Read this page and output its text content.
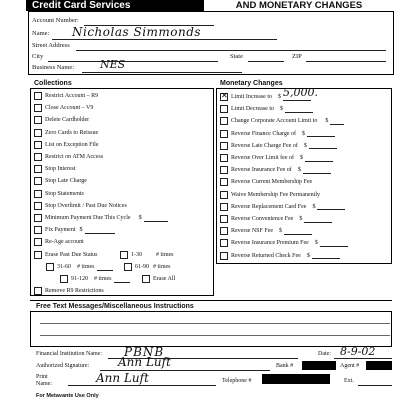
Credit Card Services	AND MONETARY CHANGES
Account Number:
Name: Nicholas Simmonds
Street Address
City	State	ZIP
Business Name: NES
Collections
Restrict Account – R9
Close Account – V9
Delete Cardholder
Zero Cards to Reissue
List on Exception File
Restrict on ATM Access
Stop Interest
Stop Late Charge
Stop Statements
Stop Overlimit / Past Due Notices
Minimum Payment Due This Cycle $
Fix Payment $
Re-Age account
Erase Past Due Status	1-30 # times
31-60 # times	61-90 # times
91-120 # times	Erase All
Remove R9 Restrictions
Monetary Changes
✕
Limit Increase to $ 5,000.
Limit Decrease to $
Change Corporate Account Limit to $
Reverse Finance Charge of $
Reverse Late Charge Fee of $
Reverse Over Limit fee of $
Reverse Insurance Fee of $
Reverse Current Membership Fee
Waive Membership Fee Permanently
Reverse Replacement Card Fee $
Reverse Convenience Fee $
Reverse NSF Fee $
Reverse Insurance Premium Fee $
Reverse Returned Check Fee $
Free Text Messages/Miscellaneous Instructions
Financial Institution Name: PBNB	Date: 8-9-02
Authorized Signature: Ann Luft	Bank #	Agent #
Print
Name:	Ann Luft	Telephone #	Ext.
For Metavante Use Only
